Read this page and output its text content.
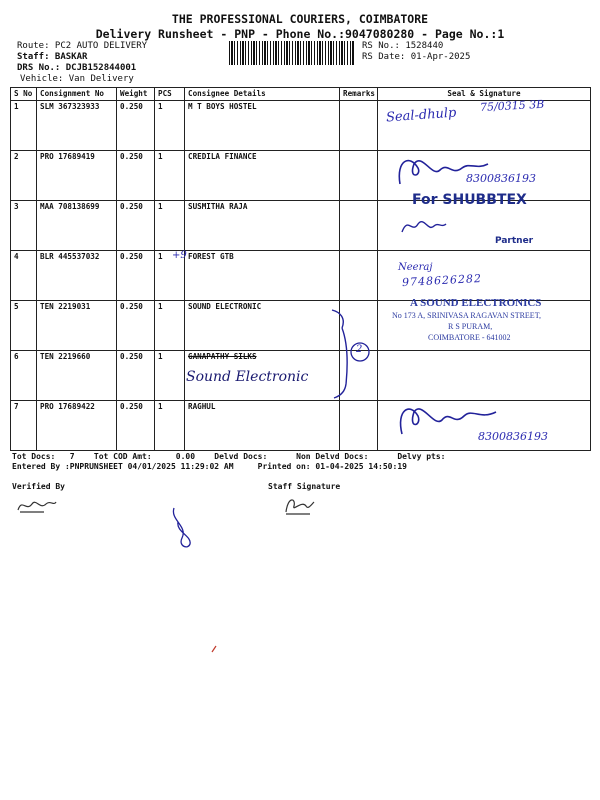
THE PROFESSIONAL COURIERS, COIMBATORE
Delivery Runsheet - PNP - Phone No.:9047080280 - Page No.:1
Route: PC2 AUTO DELIVERY
Staff: BASKAR
DRS No.: DCJB152844001
Vehicle: Van Delivery
RS No.: 1528440
RS Date: 01-Apr-2025
S No	Consignment No	Weight	PCS	Consignee Details	Remarks	Seal & Signature
1	SLM 367323933	0.250	1	M T BOYS HOSTEL		
2	PRO 17689419	0.250	1	CREDILA FINANCE		
3	MAA 708138699	0.250	1	SUSMITHA RAJA		
4	BLR 445537032	0.250	1	FOREST GTB		
5	TEN 2219031	0.250	1	SOUND ELECTRONIC		
6	TEN 2219660	0.250	1	GANAPATHY SILKS		
7	PRO 17689422	0.250	1	RAGHUL		
Seal-dhulp 75/0315 3B
8300836193
For SHUBBTEX
Partner
+9
Neeraj
9748626282
A SOUND ELECTRONICS
No 173 A, SRINIVASA RAGAVAN STREET,
R S PURAM,
COIMBATORE - 641002
2
Sound Electronic
8300836193
Tot Docs:   7    Tot COD Amt:     0.00    Delvd Docs:      Non Delvd Docs:      Delvy pts:
Entered By :PNPRUNSHEET 04/01/2025 11:29:02 AM     Printed on: 01-04-2025 14:50:19
Verified By	Staff Signature
